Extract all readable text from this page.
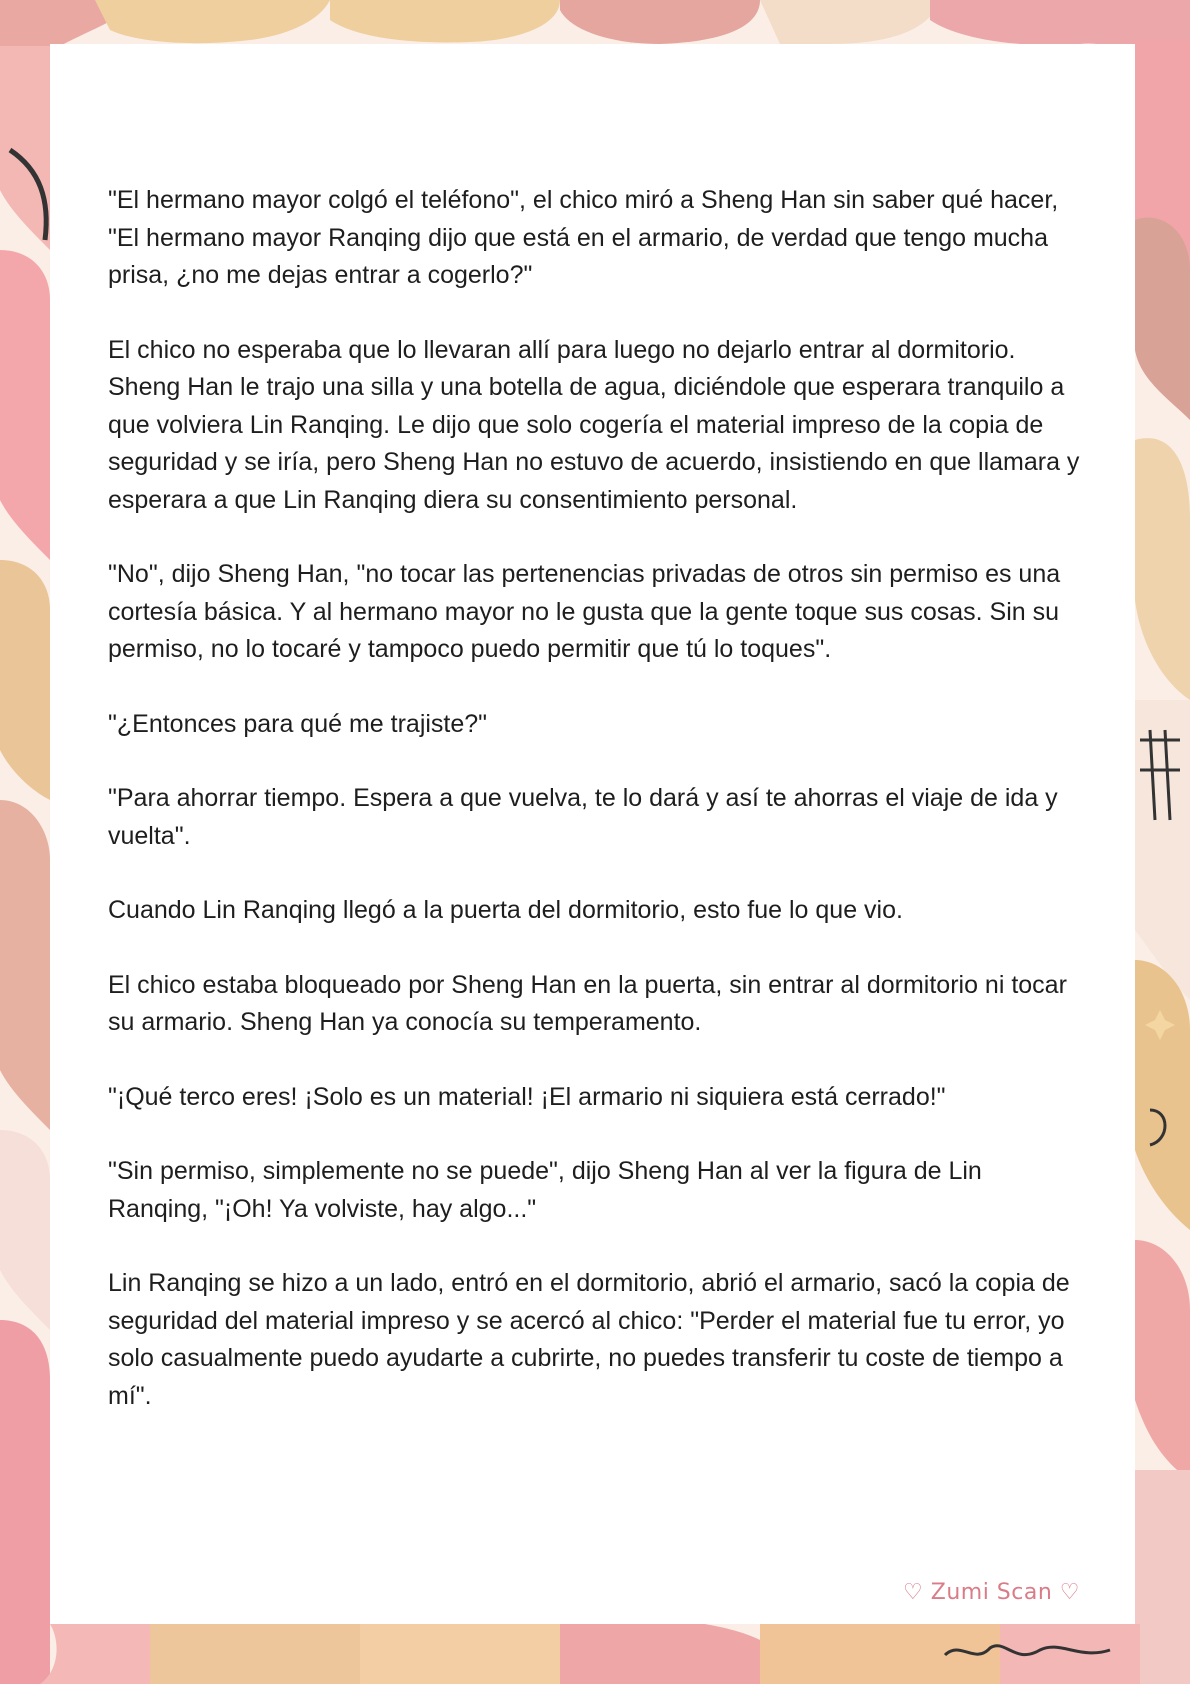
"El hermano mayor colgó el teléfono", el chico miró a Sheng Han sin saber qué hacer, "El hermano mayor Ranqing dijo que está en el armario, de verdad que tengo mucha prisa, ¿no me dejas entrar a cogerlo?"

El chico no esperaba que lo llevaran allí para luego no dejarlo entrar al dormitorio. Sheng Han le trajo una silla y una botella de agua, diciéndole que esperara tranquilo a que volviera Lin Ranqing. Le dijo que solo cogería el material impreso de la copia de seguridad y se iría, pero Sheng Han no estuvo de acuerdo, insistiendo en que llamara y esperara a que Lin Ranqing diera su consentimiento personal.

"No", dijo Sheng Han, "no tocar las pertenencias privadas de otros sin permiso es una cortesía básica. Y al hermano mayor no le gusta que la gente toque sus cosas. Sin su permiso, no lo tocaré y tampoco puedo permitir que tú lo toques".

"¿Entonces para qué me trajiste?"

"Para ahorrar tiempo. Espera a que vuelva, te lo dará y así te ahorras el viaje de ida y vuelta".

Cuando Lin Ranqing llegó a la puerta del dormitorio, esto fue lo que vio.

El chico estaba bloqueado por Sheng Han en la puerta, sin entrar al dormitorio ni tocar su armario. Sheng Han ya conocía su temperamento.

"¡Qué terco eres! ¡Solo es un material! ¡El armario ni siquiera está cerrado!"

"Sin permiso, simplemente no se puede", dijo Sheng Han al ver la figura de Lin Ranqing, "¡Oh! Ya volviste, hay algo..."

Lin Ranqing se hizo a un lado, entró en el dormitorio, abrió el armario, sacó la copia de seguridad del material impreso y se acercó al chico: "Perder el material fue tu error, yo solo casualmente puedo ayudarte a cubrirte, no puedes transferir tu coste de tiempo a mí".

♡ Zumi Scan ♡
